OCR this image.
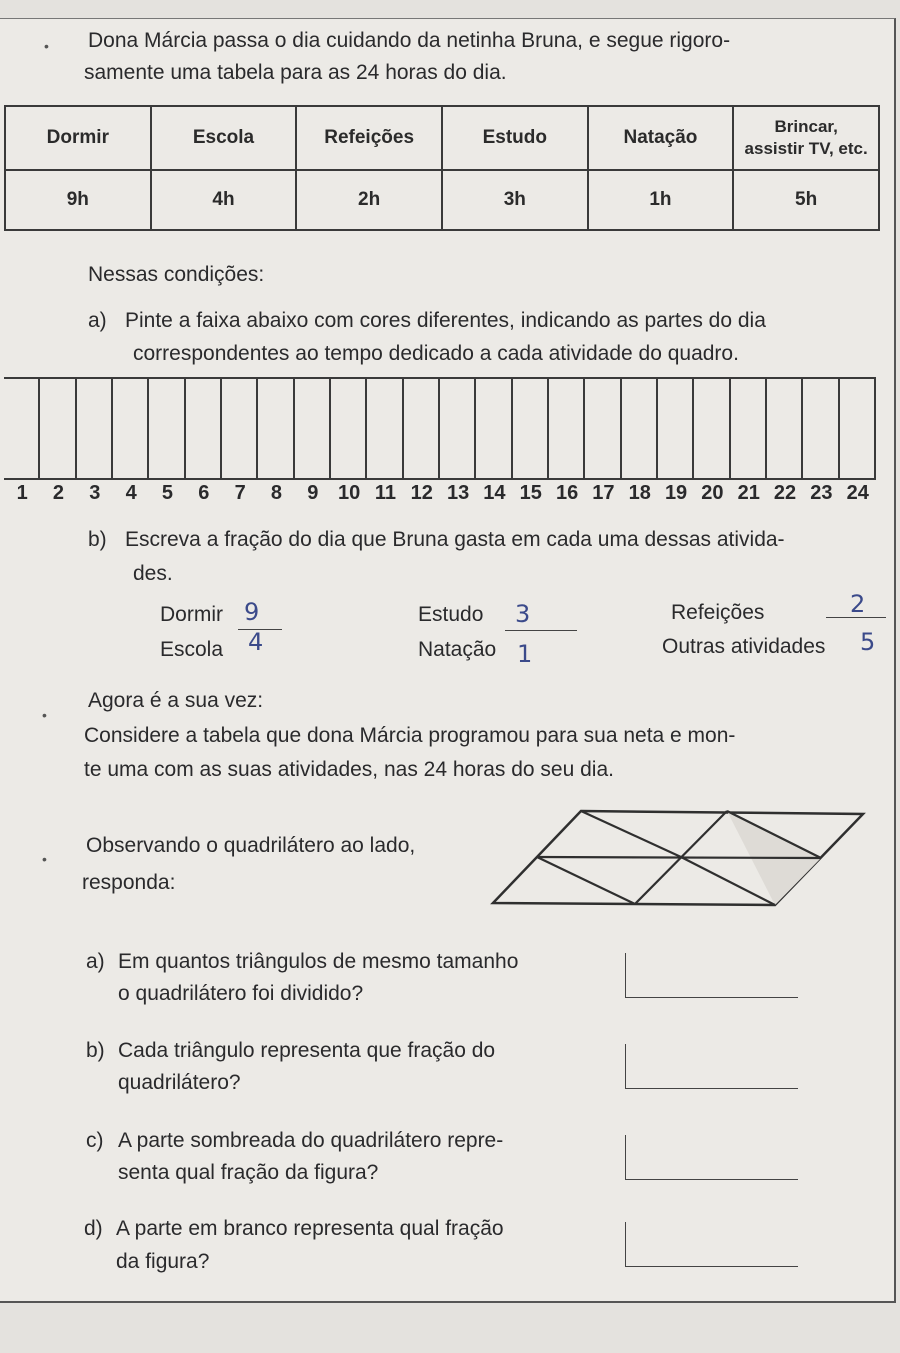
• Dona Márcia passa o dia cuidando da netinha Bruna, e segue rigoro-
samente uma tabela para as 24 horas do dia.
Dormir	Escola	Refeições	Estudo	Natação	Brincar,
assistir TV, etc.
9h	4h	2h	3h	1h	5h
Nessas condições:
a) Pinte a faixa abaixo com cores diferentes, indicando as partes do dia
correspondentes ao tempo dedicado a cada atividade do quadro.
1	2	3	4	5	6	7	8	9 10 11 12 13 14 15 16 17 18 19 20 21 22 23 24
b) Escreva a fração do dia que Bruna gasta em cada uma dessas ativida-
des.
Dormir 9	Estudo 3	Refeições	2
Escola 4	Natação 1	Outras atividades 5
•
Agora é a sua vez:
Considere a tabela que dona Márcia programou para sua neta e mon-
te uma com as suas atividades, nas 24 horas do seu dia.
•
Observando o quadrilátero ao lado,
responda:
a) Em quantos triângulos de mesmo tamanho
o quadrilátero foi dividido?
b) Cada triângulo representa que fração do
quadrilátero?
c) A parte sombreada do quadrilátero repre-
senta qual fração da figura?
d) A parte em branco representa qual fração
da figura?
